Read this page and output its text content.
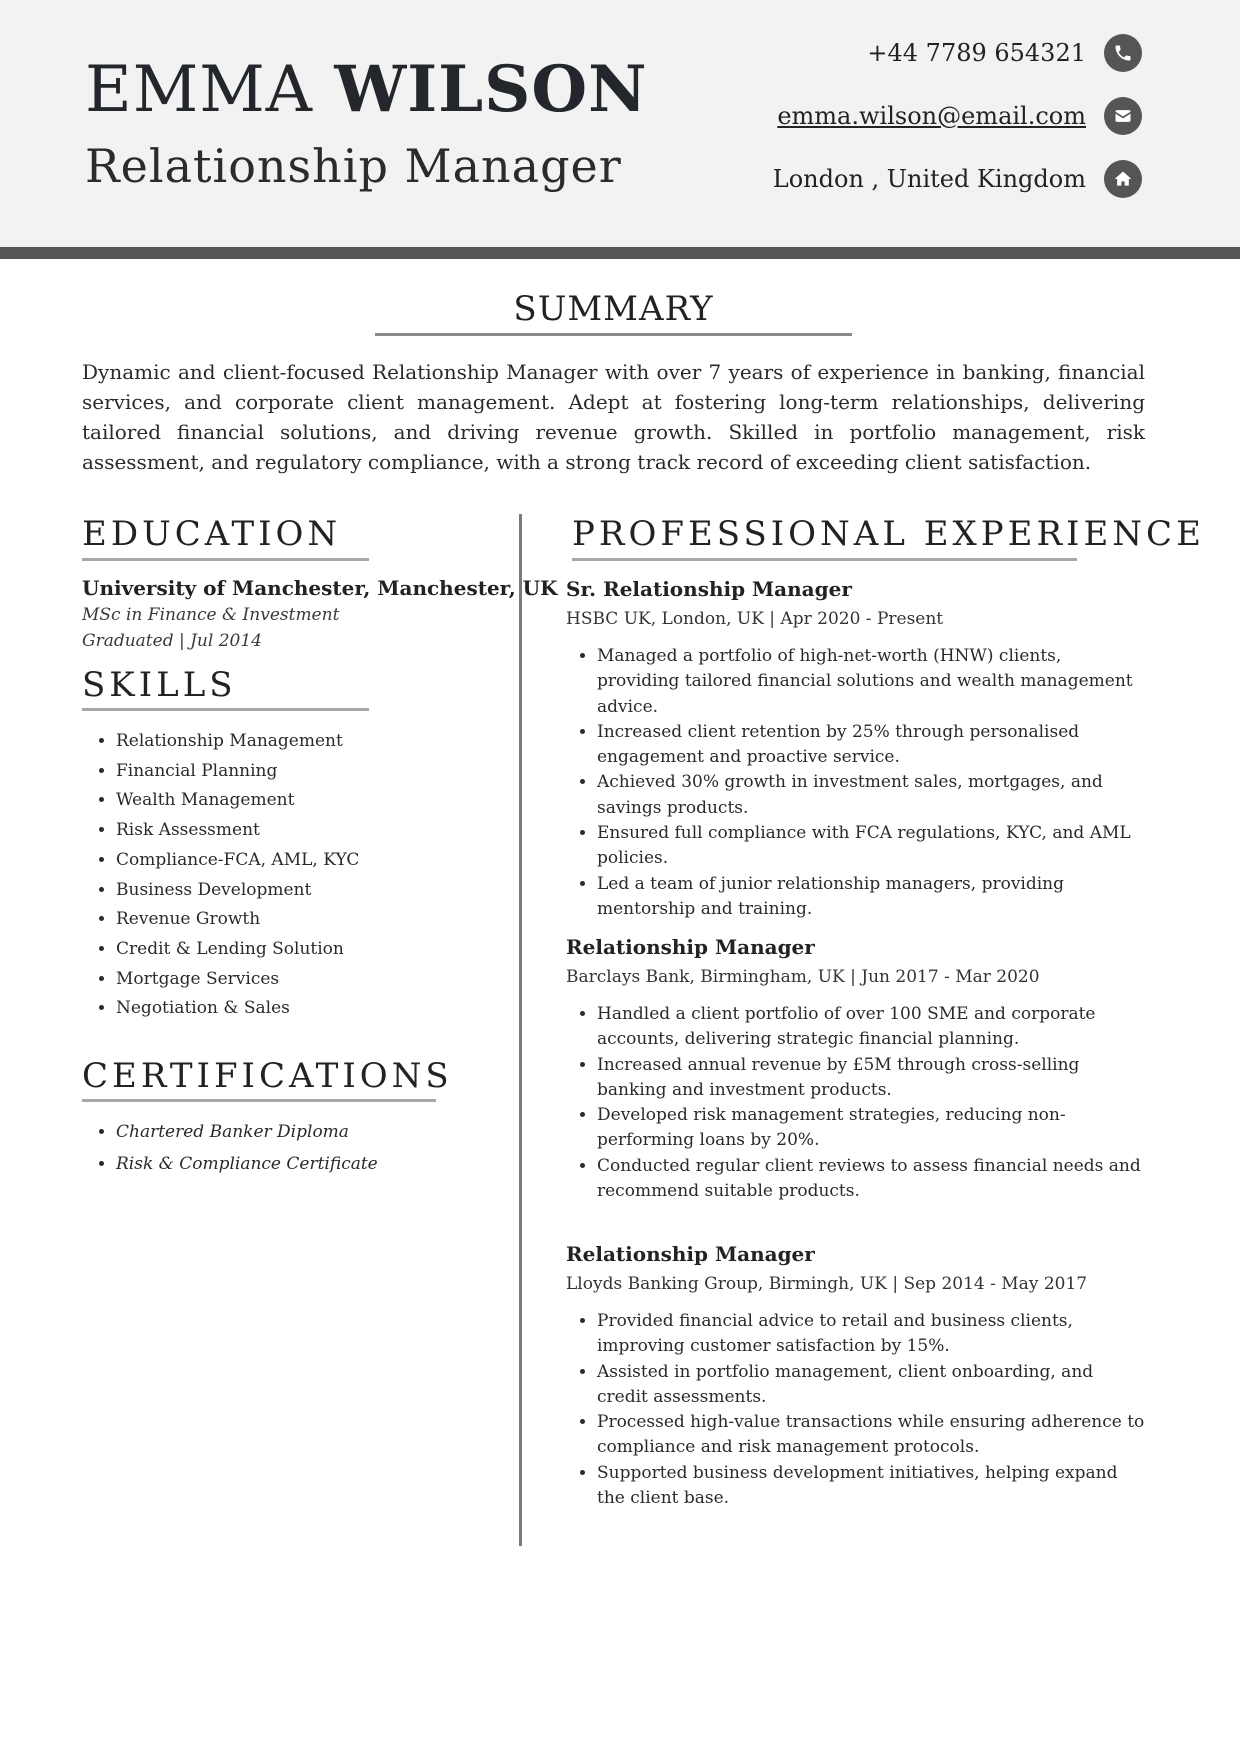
EMMA WILSON
Relationship Manager
+44 7789 654321
emma.wilson@email.com
London , United Kingdom
SUMMARY

Dynamic and client-focused Relationship Manager with over 7 years of experience in banking, financial services, and corporate client management. Adept at fostering long-term relationships, delivering tailored financial solutions, and driving revenue growth. Skilled in portfolio management, risk assessment, and regulatory compliance, with a strong track record of exceeding client satisfaction.

EDUCATION

University of Manchester, Manchester, UK

MSc in Finance & Investment

Graduated | Jul 2014

SKILLS
• Relationship Management
• Financial Planning
• Wealth Management
• Risk Assessment
• Compliance-FCA, AML, KYC
• Business Development
• Revenue Growth
• Credit & Lending Solution
• Mortgage Services
• Negotiation & Sales
CERTIFICATIONS
• Chartered Banker Diploma
• Risk & Compliance Certificate
PROFESSIONAL EXPERIENCE

Sr. Relationship Manager

HSBC UK, London, UK | Apr 2020 - Present

• Managed a portfolio of high-net-worth (HNW) clients, providing tailored financial solutions and wealth management advice.
• Increased client retention by 25% through personalised engagement and proactive service.
• Achieved 30% growth in investment sales, mortgages, and savings products.
• Ensured full compliance with FCA regulations, KYC, and AML policies.
• Led a team of junior relationship managers, providing mentorship and training.

Relationship Manager

Barclays Bank, Birmingham, UK | Jun 2017 - Mar 2020

• Handled a client portfolio of over 100 SME and corporate accounts, delivering strategic financial planning.
• Increased annual revenue by £5M through cross-selling banking and investment products.
• Developed risk management strategies, reducing non-performing loans by 20%.
• Conducted regular client reviews to assess financial needs and recommend suitable products.

Relationship Manager

Lloyds Banking Group, Birmingh, UK | Sep 2014 - May 2017

• Provided financial advice to retail and business clients, improving customer satisfaction by 15%.
• Assisted in portfolio management, client onboarding, and credit assessments.
• Processed high-value transactions while ensuring adherence to compliance and risk management protocols.
• Supported business development initiatives, helping expand the client base.
